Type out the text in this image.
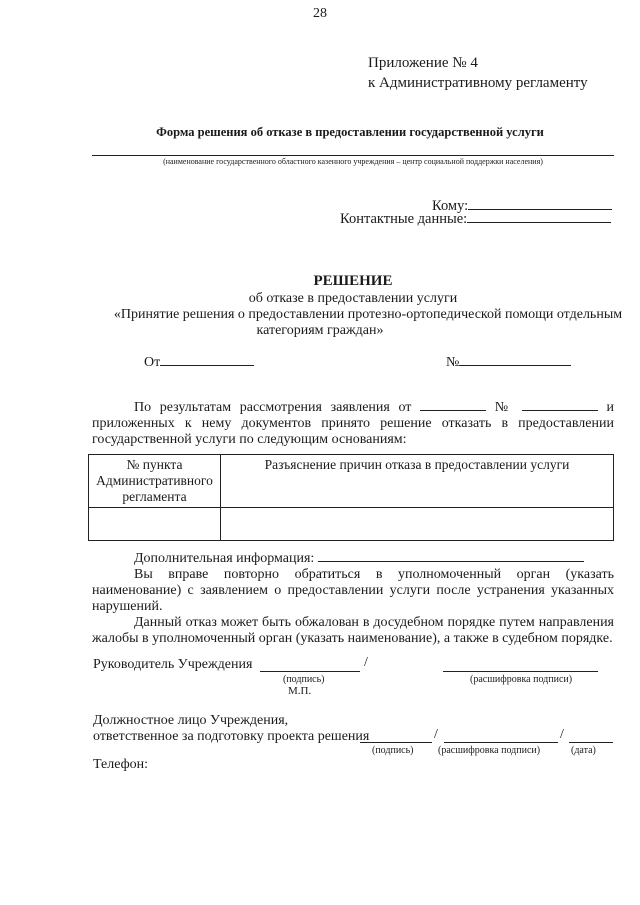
28
Приложение № 4
к Административному регламенту
Форма решения об отказе в предоставлении государственной услуги
(наименование государственного областного казенного учреждения – центр социальной поддержки населения)
Кому:
Контактные данные:
РЕШЕНИЕ
об отказе в предоставлении услуги
«Принятие решения о предоставлении протезно-ортопедической помощи отдельным
категориям граждан»
От	№
По результатам рассмотрения заявления от	№	и приложенных к нему документов принято решение отказать в предоставлении государственной услуги по следующим основаниям:
№ пункта Административного регламента	Разъяснение причин отказа в предоставлении услуги

Дополнительная информация:
Вы вправе повторно обратиться в уполномоченный орган (указать наименование) с заявлением о предоставлении услуги после устранения указанных нарушений.
Данный отказ может быть обжалован в досудебном порядке путем направления жалобы в уполномоченный орган (указать наименование), а также в судебном порядке.
Руководитель Учреждения	/
(подпись)	(расшифровка подписи)
М.П.
Должностное лицо Учреждения,
ответственное за подготовку проекта решения	/	/
(подпись) (расшифровка подписи)	(дата)
Телефон:
